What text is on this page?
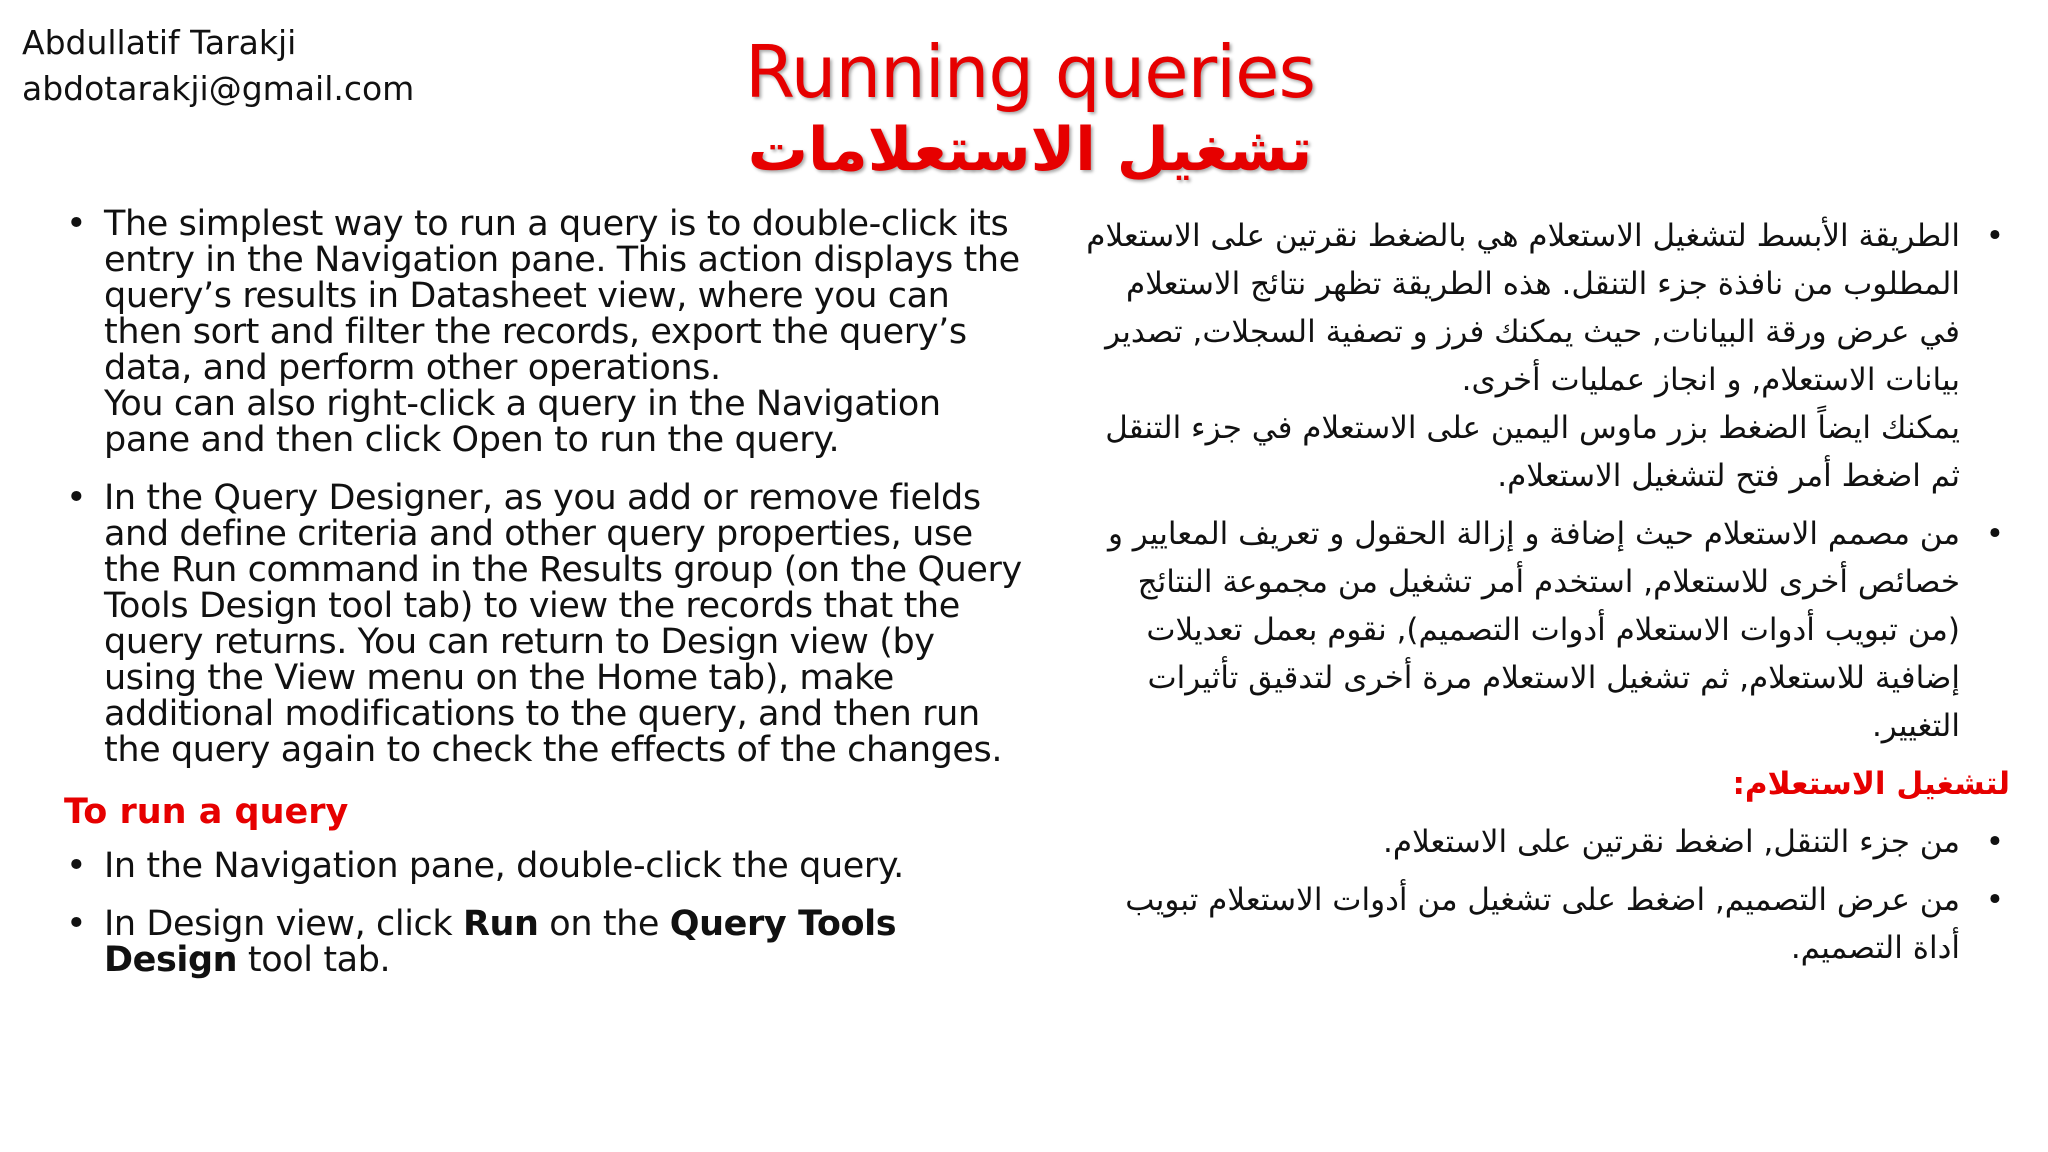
Abdullatif Tarakji
abdotarakji@gmail.com	Running queries
تشغيل الاستعلامات
• The simplest way to run a query is to double-click its entry in the Navigation pane. This action displays the query’s results in Datasheet view, where you can then sort and filter the records, export the query’s data, and perform other operations.
You can also right-click a query in the Navigation pane and then click Open to run the query.
• In the Query Designer, as you add or remove fields and define criteria and other query properties, use the Run command in the Results group (on the Query Tools Design tool tab) to view the records that the query returns. You can return to Design view (by using the View menu on the Home tab), make additional modifications to the query, and then run the query again to check the effects of the changes.
To run a query
• In the Navigation pane, double-click the query.
• In Design view, click Run on the Query Tools Design tool tab.
•
الطريقة الأبسط لتشغيل الاستعلام هي بالضغط نقرتين على الاستعلام المطلوب من نافذة جزء التنقل. هذه الطريقة تظهر نتائج الاستعلام في عرض ورقة البيانات, حيث يمكنك فرز و تصفية السجلات, تصدير بيانات الاستعلام, و انجاز عمليات أخرى.
يمكنك ايضاً الضغط بزر ماوس اليمين على الاستعلام في جزء التنقل ثم اضغط أمر فتح لتشغيل الاستعلام.
•
من مصمم الاستعلام حيث إضافة و إزالة الحقول و تعريف المعايير و خصائص أخرى للاستعلام, استخدم أمر تشغيل من مجموعة النتائج (من تبويب أدوات الاستعلام أدوات التصميم), نقوم بعمل تعديلات إضافية للاستعلام, ثم تشغيل الاستعلام مرة أخرى لتدقيق تأثيرات التغيير.
لتشغيل الاستعلام:
•
من جزء التنقل, اضغط نقرتين على الاستعلام.
•
من عرض التصميم, اضغط على تشغيل من أدوات الاستعلام تبويب أداة التصميم.
